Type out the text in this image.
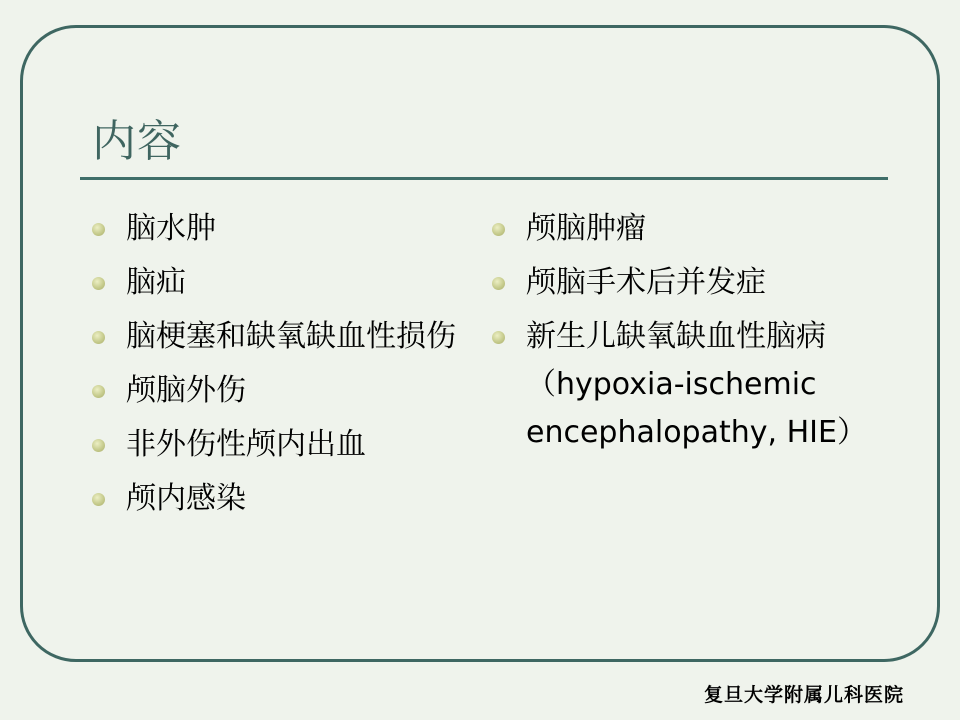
内容
脑水肿
脑疝
脑梗塞和缺氧缺血性损伤
颅脑外伤
非外伤性颅内出血
颅内感染
颅脑肿瘤
颅脑手术后并发症
新生儿缺氧缺血性脑病（hypoxia-ischemic encephalopathy, HIE）
复旦大学附属儿科医院
